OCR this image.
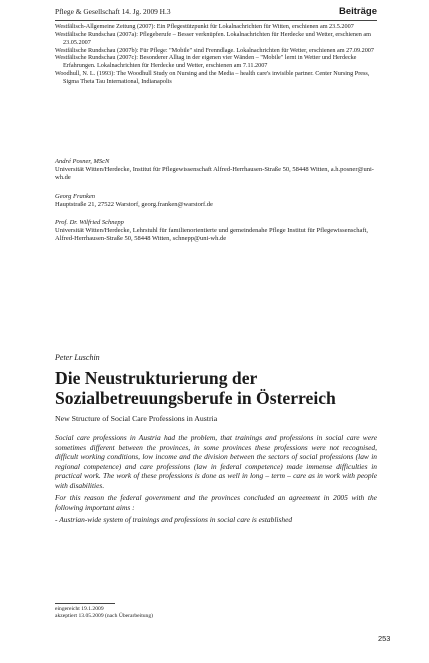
Pflege & Gesellschaft 14. Jg. 2009 H.3	Beiträge

Westfälisch-Allgemeine Zeitung (2007): Ein Pflegestützpunkt für Lokalnachrichten für Witten, erschienen am 23.5.2007

Westfälische Rundschau (2007a): Pflegeberufe – Besser verknüpfen. Lokalnachrichten für Herdecke und Wetter, erschienen am 23.05.2007

Westfälische Rundschau (2007b): Für Pflege: "Mobile" sind Frenndlage. Lokalnachrichten für Wetter, erschienen am 27.09.2007

Westfälische Rundschau (2007c): Besonderer Alltag in der eigenen vier Wänden – "Mobile" lernt in Wetter und Herdecke Erfahrungen. Lokalnachrichten für Herdecke und Wetter, erschienen am 7.11.2007

Woodhull, N. L. (1993): The Woodhull Study on Nursing and the Media – health care's invisible partner. Center Nursing Press, Sigma Theta Tau International, Indianapolis

André Posner, MScN
Universität Witten/Herdecke, Institut für Pflegewissenschaft Alfred-Herrhausen-Straße 50, 58448 Witten, a.h.posner@uni-wh.de
Georg Franken
Hauptstraße 21, 27522 Warstorf, georg.franken@warstorf.de
Prof. Dr. Wilfried Schnepp
Universität Witten/Herdecke, Lehrstuhl für familienorientierte und gemeindenahe Pflege Institut für Pflegewissenschaft, Alfred-Herrhausen-Straße 50, 58448 Witten, schnepp@uni-wh.de
Peter Luschin
Die Neustrukturierung der
Sozialbetreuungsberufe in Österreich
New Structure of Social Care Professions in Austria

Social care professions in Austria had the problem, that trainings and professions in social care were sometimes different between the provinces, in some provinces these professions were not recognised, difficult working conditions, low income and the division between the sectors of social professions (law in regional competence) and care professions (law in federal competence) made immense difficulties in practical work. The work of these professions is done as well in long – term – care as in work with people with disabilities.

For this reason the federal government and the provinces concluded an agreement in 2005 with the following important aims :

- Austrian-wide system of trainings and professions in social care is established

eingereicht 19.1.2009
akzeptiert 13.05.2009 (nach Überarbeitung)
253
